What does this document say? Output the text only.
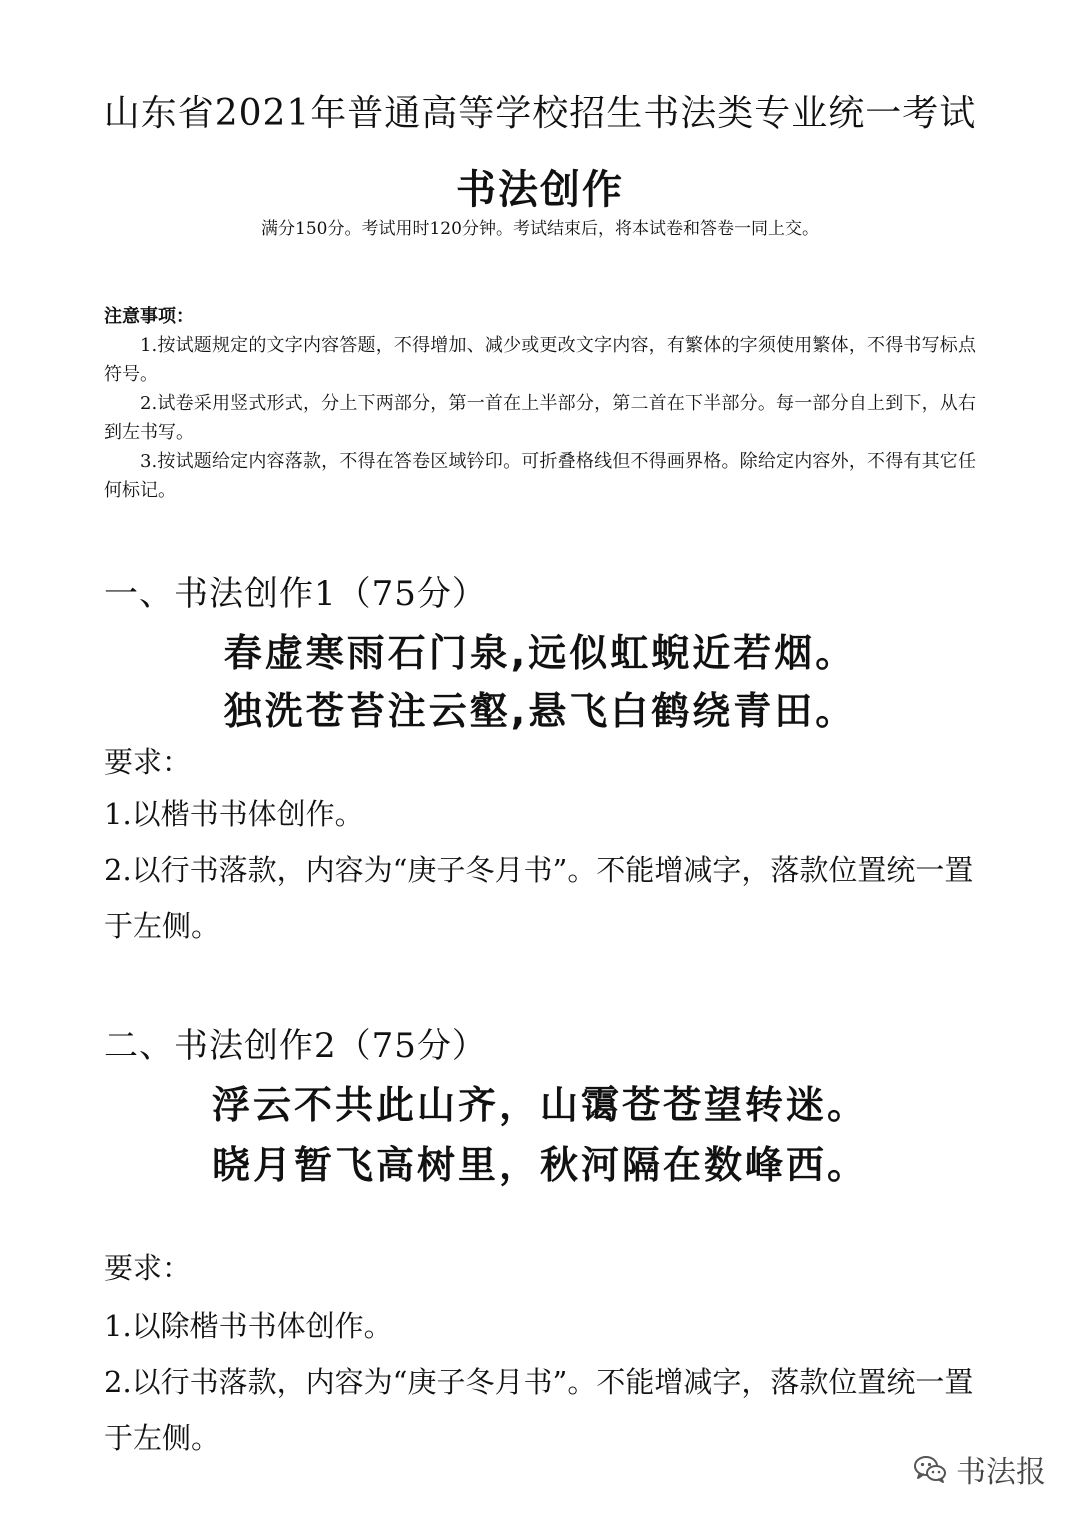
山东省2021年普通高等学校招生书法类专业统一考试
书法创作
满分150分。考试用时120分钟。考试结束后，将本试卷和答卷一同上交。
注意事项：

1.按试题规定的文字内容答题，不得增加、减少或更改文字内容，有繁体的字须使用繁体，不得书写标点符号。

2.试卷采用竖式形式，分上下两部分，第一首在上半部分，第二首在下半部分。每一部分自上到下，从右到左书写。

3.按试题给定内容落款，不得在答卷区域钤印。可折叠格线但不得画界格。除给定内容外，不得有其它任何标记。

一、书法创作1（75分）
春虚寒雨石门泉,远似虹蜺近若烟。
独洗苍苔注云壑,悬飞白鹤绕青田。
要求：
1.以楷书书体创作。
2.以行书落款，内容为“庚子冬月书”。不能增减字，落款位置统一置于左侧。
二、书法创作2（75分）
浮云不共此山齐，山霭苍苍望转迷。
晓月暂飞高树里，秋河隔在数峰西。
要求：
1.以除楷书书体创作。
2.以行书落款，内容为“庚子冬月书”。不能增减字，落款位置统一置于左侧。
书法报
